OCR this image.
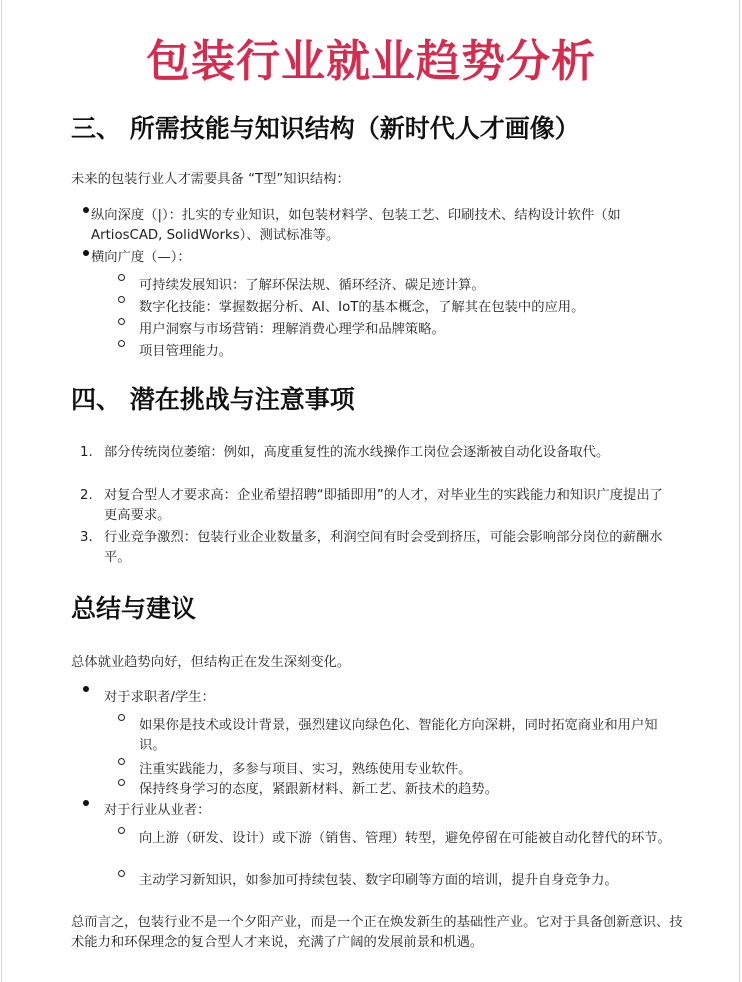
包装行业就业趋势分析
三、 所需技能与知识结构（新时代人才画像）
未来的包装行业人才需要具备 “T型”知识结构：
纵向深度（|）：扎实的专业知识，如包装材料学、包装工艺、印刷技术、结构设计软件（如ArtiosCAD, SolidWorks）、测试标准等。
横向广度（—）：
可持续发展知识：了解环保法规、循环经济、碳足迹计算。
数字化技能：掌握数据分析、AI、IoT的基本概念，了解其在包装中的应用。
用户洞察与市场营销：理解消费心理学和品牌策略。
项目管理能力。
四、 潜在挑战与注意事项
1. 部分传统岗位萎缩：例如，高度重复性的流水线操作工岗位会逐渐被自动化设备取代。
2. 对复合型人才要求高：企业希望招聘“即插即用”的人才，对毕业生的实践能力和知识广度提出了更高要求。
3. 行业竞争激烈：包装行业企业数量多，利润空间有时会受到挤压，可能会影响部分岗位的薪酬水平。
总结与建议
总体就业趋势向好，但结构正在发生深刻变化。
对于求职者/学生：
如果你是技术或设计背景，强烈建议向绿色化、智能化方向深耕，同时拓宽商业和用户知识。
注重实践能力，多参与项目、实习，熟练使用专业软件。
保持终身学习的态度，紧跟新材料、新工艺、新技术的趋势。
对于行业从业者：
向上游（研发、设计）或下游（销售、管理）转型，避免停留在可能被自动化替代的环节。
主动学习新知识，如参加可持续包装、数字印刷等方面的培训，提升自身竞争力。
总而言之，包装行业不是一个夕阳产业，而是一个正在焕发新生的基础性产业。它对于具备创新意识、技术能力和环保理念的复合型人才来说，充满了广阔的发展前景和机遇。
